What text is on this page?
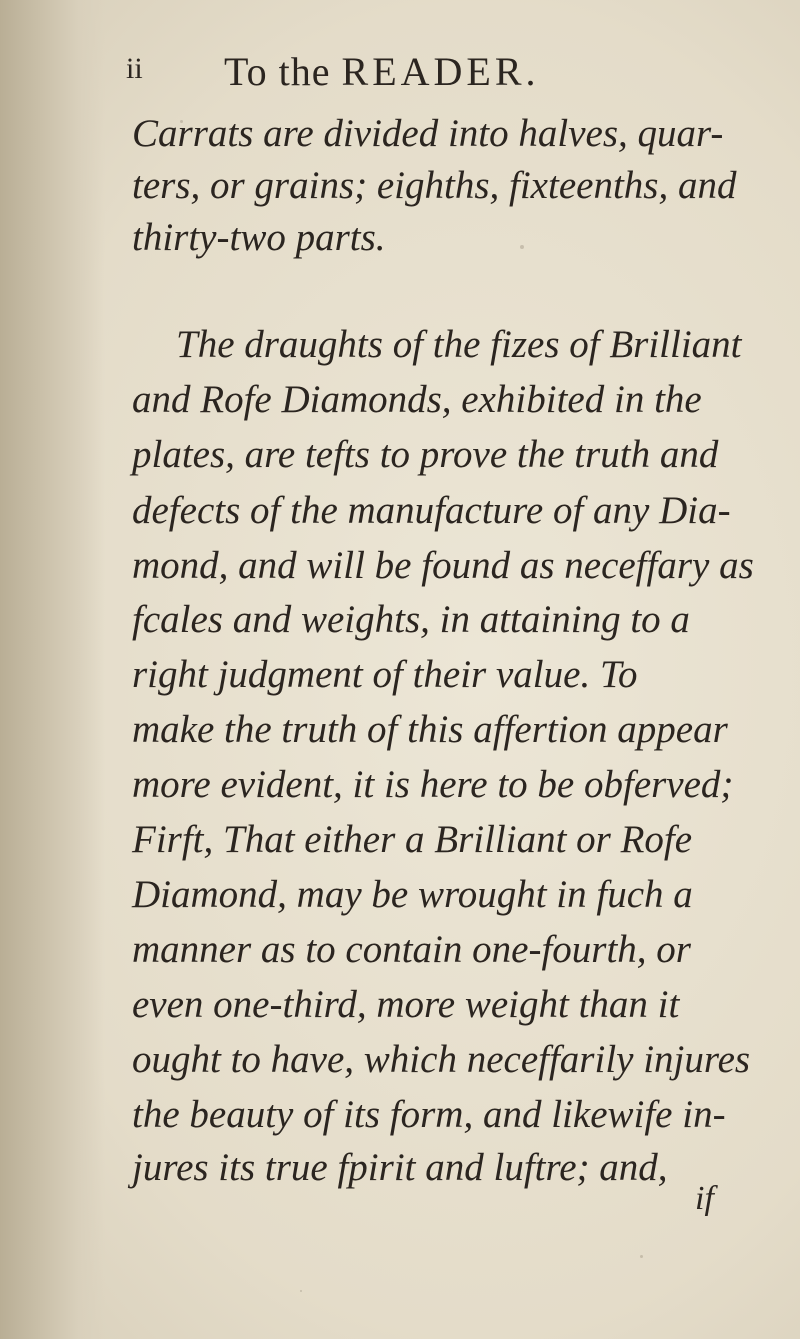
ii To the READER.
Carrats are divided into halves, quar-
ters, or grains; eighths, fixteenths, and
thirty-two parts.
The draughts of the fizes of Brilliant
and Rofe Diamonds, exhibited in the
plates, are tefts to prove the truth and
defects of the manufacture of any Dia-
mond, and will be found as neceffary as
fcales and weights, in attaining to a
right judgment of their value. To
make the truth of this affertion appear
more evident, it is here to be obferved;
Firft, That either a Brilliant or Rofe
Diamond, may be wrought in fuch a
manner as to contain one-fourth, or
even one-third, more weight than it
ought to have, which neceffarily injures
the beauty of its form, and likewife in-
jures its true fpirit and luftre; and,
if
